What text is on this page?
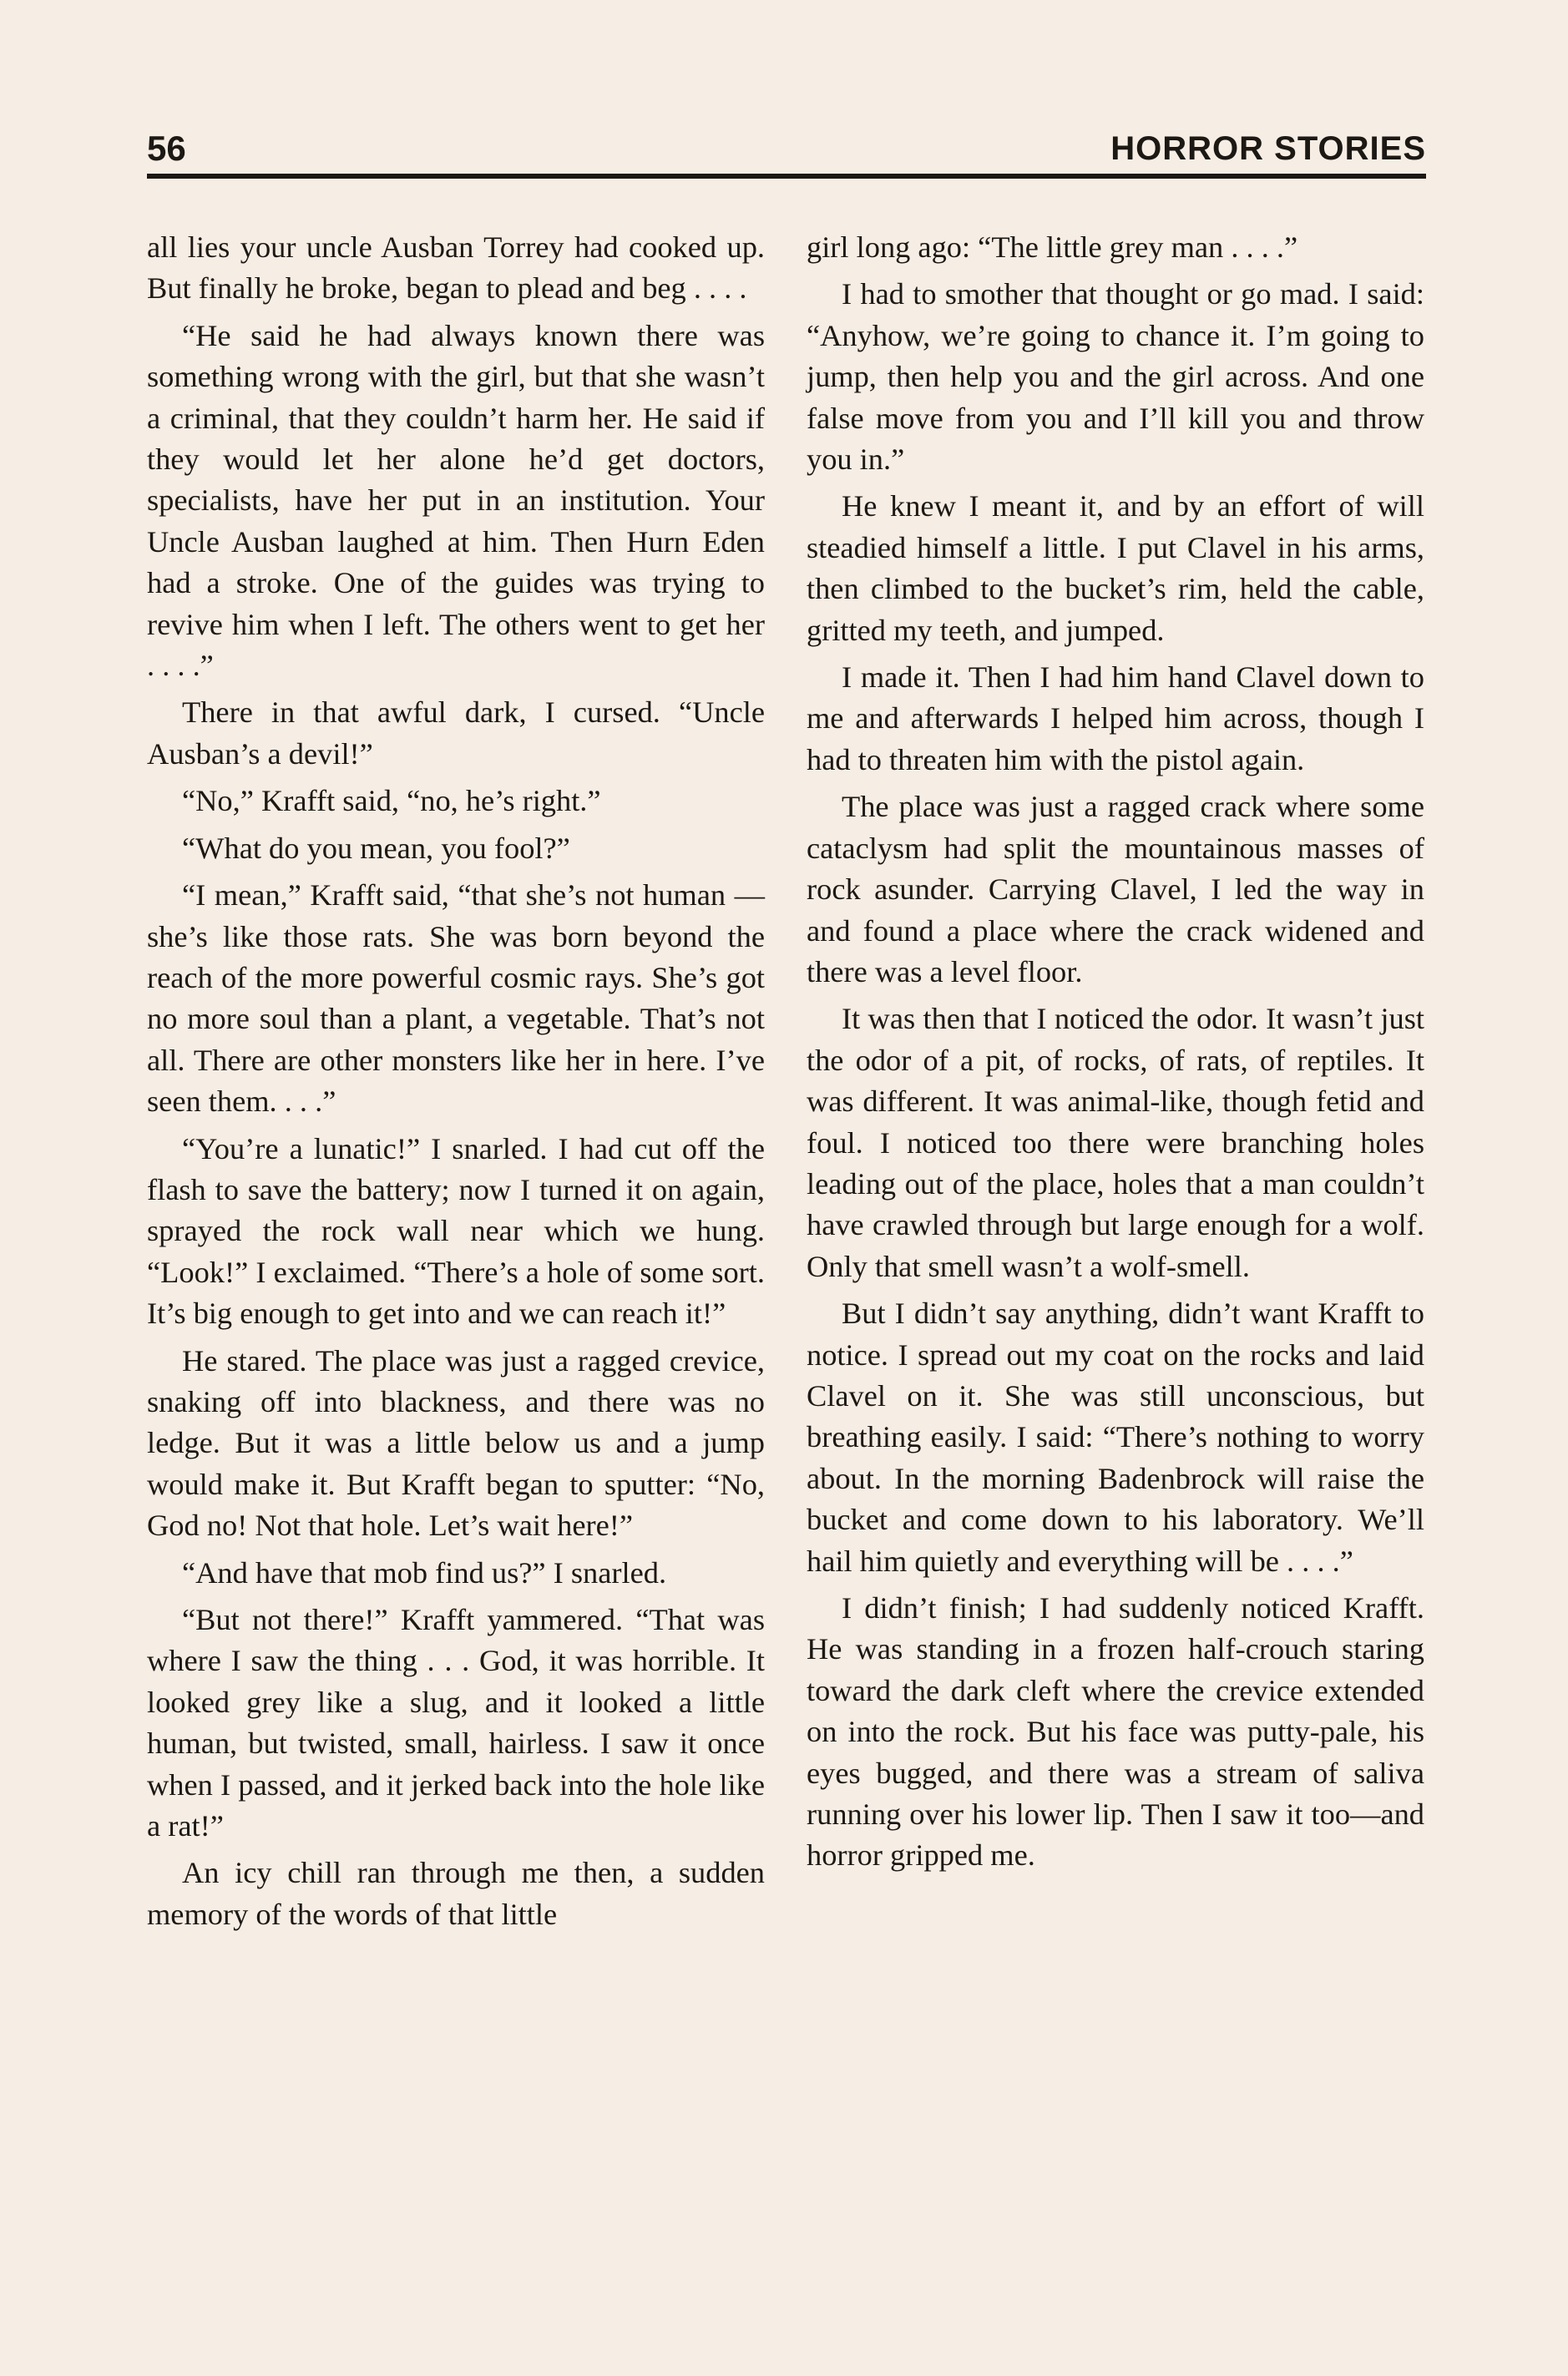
56	HORROR STORIES

all lies your uncle Ausban Torrey had cooked up. But finally he broke, began to plead and beg . . . .

“He said he had always known there was something wrong with the girl, but that she wasn’t a criminal, that they couldn’t harm her. He said if they would let her alone he’d get doctors, specialists, have her put in an institution. Your Uncle Ausban laughed at him. Then Hurn Eden had a stroke. One of the guides was trying to revive him when I left. The others went to get her . . . .”

There in that awful dark, I cursed. “Uncle Ausban’s a devil!”

“No,” Krafft said, “no, he’s right.”

“What do you mean, you fool?”

“I mean,” Krafft said, “that she’s not human — she’s like those rats. She was born beyond the reach of the more powerful cosmic rays. She’s got no more soul than a plant, a vegetable. That’s not all. There are other monsters like her in here. I’ve seen them. . . .”

“You’re a lunatic!” I snarled. I had cut off the flash to save the battery; now I turned it on again, sprayed the rock wall near which we hung. “Look!” I exclaimed. “There’s a hole of some sort. It’s big enough to get into and we can reach it!”

He stared. The place was just a ragged crevice, snaking off into blackness, and there was no ledge. But it was a little below us and a jump would make it. But Krafft began to sputter: “No, God no! Not that hole. Let’s wait here!”

“And have that mob find us?” I snarled.

“But not there!” Krafft yammered. “That was where I saw the thing . . . God, it was horrible. It looked grey like a slug, and it looked a little human, but twisted, small, hairless. I saw it once when I passed, and it jerked back into the hole like a rat!”

An icy chill ran through me then, a sudden memory of the words of that little

girl long ago: “The little grey man . . . .”

I had to smother that thought or go mad. I said: “Anyhow, we’re going to chance it. I’m going to jump, then help you and the girl across. And one false move from you and I’ll kill you and throw you in.”

He knew I meant it, and by an effort of will steadied himself a little. I put Clavel in his arms, then climbed to the bucket’s rim, held the cable, gritted my teeth, and jumped.

I made it. Then I had him hand Clavel down to me and afterwards I helped him across, though I had to threaten him with the pistol again.

The place was just a ragged crack where some cataclysm had split the mountainous masses of rock asunder. Carrying Clavel, I led the way in and found a place where the crack widened and there was a level floor.

It was then that I noticed the odor. It wasn’t just the odor of a pit, of rocks, of rats, of reptiles. It was different. It was animal-like, though fetid and foul. I noticed too there were branching holes leading out of the place, holes that a man couldn’t have crawled through but large enough for a wolf. Only that smell wasn’t a wolf-smell.

But I didn’t say anything, didn’t want Krafft to notice. I spread out my coat on the rocks and laid Clavel on it. She was still unconscious, but breathing easily. I said: “There’s nothing to worry about. In the morning Badenbrock will raise the bucket and come down to his laboratory. We’ll hail him quietly and everything will be . . . .”

I didn’t finish; I had suddenly noticed Krafft. He was standing in a frozen half-crouch staring toward the dark cleft where the crevice extended on into the rock. But his face was putty-pale, his eyes bugged, and there was a stream of saliva running over his lower lip. Then I saw it too—and horror gripped me.
